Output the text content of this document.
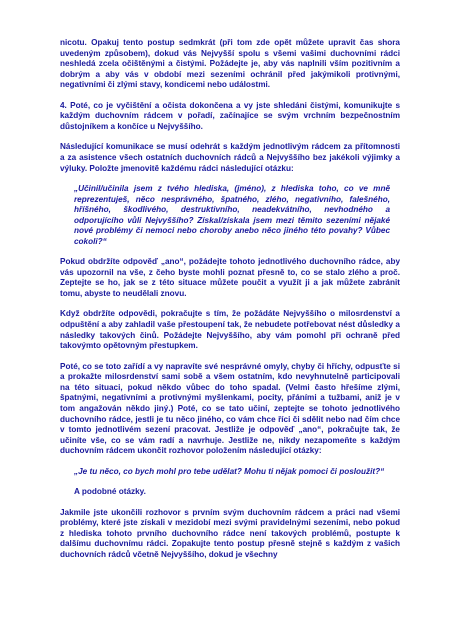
nicotu. Opakuj tento postup sedmkrát (při tom zde opět můžete upravit čas shora uvedeným způsobem), dokud vás Nejvyšší spolu s všemi vašimi duchovními rádci neshledá zcela očištěnými a čistými. Požádejte je, aby vás naplnili vším pozitivním a dobrým a aby vás v období mezi sezeními ochránil před jakýmikoli protivnými, negativními či zlými stavy, kondicemi nebo událostmi.

4. Poté, co je vyčištění a očista dokončena a vy jste shledáni čistými, komunikujte s každým duchovním rádcem v pořadí, začínajíce se svým vrchním bezpečnostním důstojníkem a končíce u Nejvyššího.

Následující komunikace se musí odehrát s každým jednotlivým rádcem za přítomnosti a za asistence všech ostatních duchovních rádců a Nejvyššího bez jakékoli výjimky a výluky. Položte jmenovitě každému rádci následující otázku:

„Učinil/učinila jsem z tvého hlediska, (jméno), z hlediska toho, co ve mně reprezentuješ, něco nesprávného, špatného, zlého, negativního, falešného, hříšného, škodlivého, destruktivního, neadekvátního, nevhodného a odporujícího vůli Nejvyššího? Získal/získala jsem mezi těmito sezeními nějaké nové problémy či nemoci nebo choroby anebo něco jiného této povahy? Vůbec cokoli?“

Pokud obdržíte odpověď „ano“, požádejte tohoto jednotlivého duchovního rádce, aby vás upozornil na vše, z čeho byste mohli poznat přesně to, co se stalo zlého a proč. Zeptejte se ho, jak se z této situace můžete poučit a využít ji a jak můžete zabránit tomu, abyste to neudělali znovu.

Když obdržíte odpovědi, pokračujte s tím, že požádáte Nejvyššího o milosrdenství a odpuštění a aby zahladil vaše přestoupení tak, že nebudete potřebovat nést důsledky a následky takových činů. Požádejte Nejvyššího, aby vám pomohl při ochraně před takovýmto opětovným přestupkem.

Poté, co se toto zařídí a vy napravíte své nesprávné omyly, chyby či hříchy, odpusťte si a prokažte milosrdenství sami sobě a všem ostatním, kdo nevyhnutelně participovali na této situaci, pokud někdo vůbec do toho spadal. (Velmi často hřešíme zlými, špatnými, negativními a protivnými myšlenkami, pocity, přáními a tužbami, aniž je v tom angažován někdo jiný.) Poté, co se tato učiní, zeptejte se tohoto jednotlivého duchovního rádce, jestli je tu něco jiného, co vám chce říci či sdělit nebo nad čím chce v tomto jednotlivém sezení pracovat. Jestliže je odpověď „ano“, pokračujte tak, že učiníte vše, co se vám radí a navrhuje. Jestliže ne, nikdy nezapomeňte s každým duchovním rádcem ukončit rozhovor položením následující otázky:

„Je tu něco, co bych mohl pro tebe udělat? Mohu ti nějak pomoci či posloužit?“

A podobné otázky.

Jakmile jste ukončili rozhovor s prvním svým duchovním rádcem a práci nad všemi problémy, které jste získali v mezidobí mezi svými pravidelnými sezeními, nebo pokud z hlediska tohoto prvního duchovního rádce není takových problémů, postupte k dalšímu duchovnímu rádci. Zopakujte tento postup přesně stejně s každým z vašich duchovních rádců včetně Nejvyššího, dokud je všechny
